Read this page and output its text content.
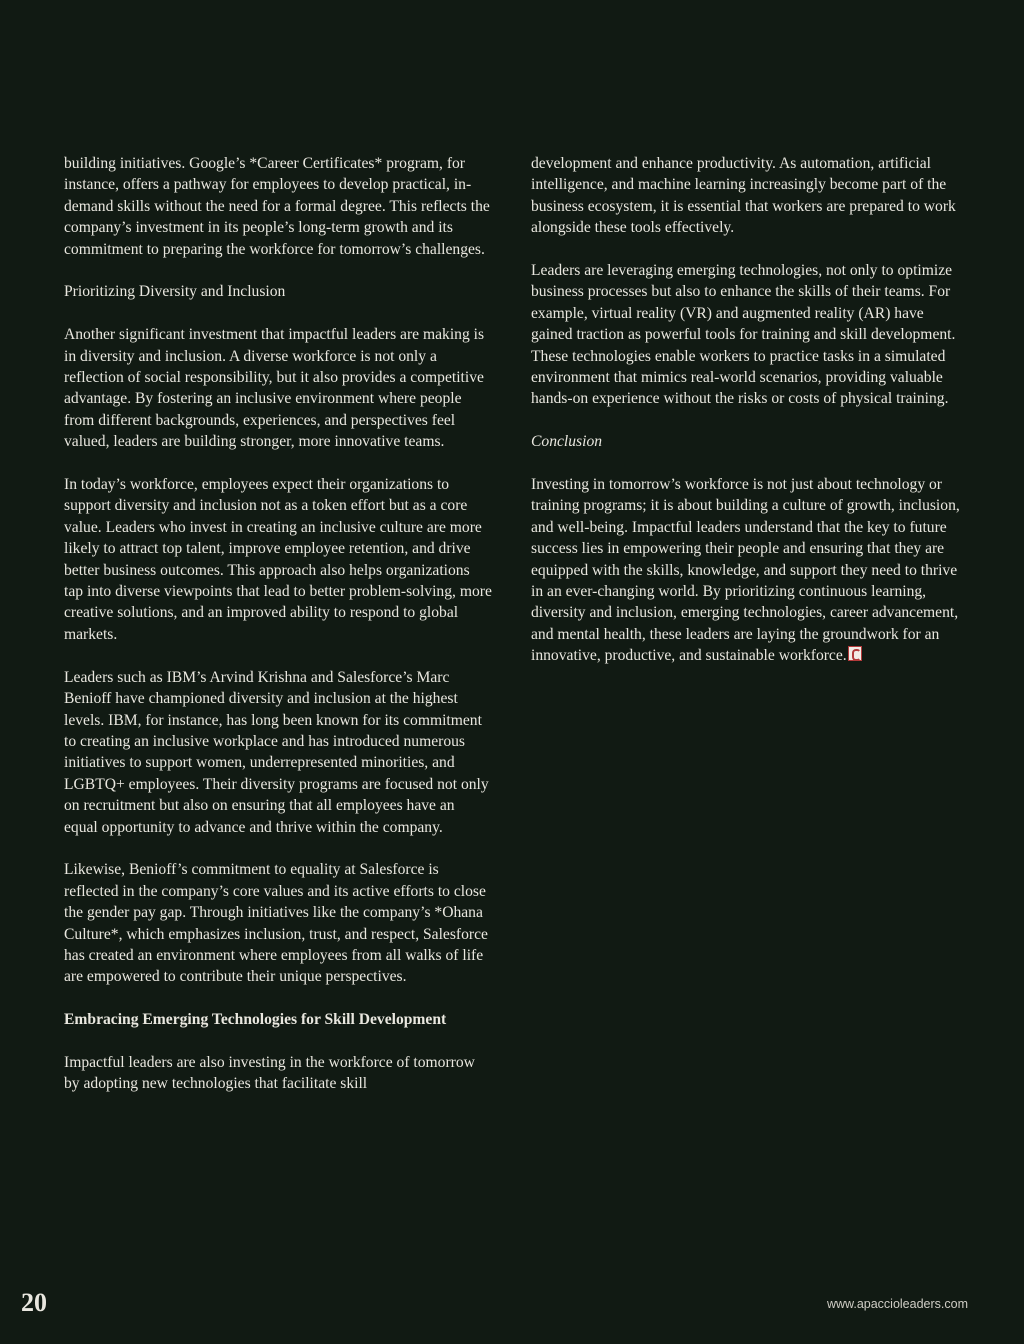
building initiatives. Google’s *Career Certificates* program, for instance, offers a pathway for employees to develop practical, in-demand skills without the need for a formal degree. This reflects the company’s investment in its people’s long-term growth and its commitment to preparing the workforce for tomorrow’s challenges.

Prioritizing Diversity and Inclusion

Another significant investment that impactful leaders are making is in diversity and inclusion. A diverse workforce is not only a reflection of social responsibility, but it also provides a competitive advantage. By fostering an inclusive environment where people from different backgrounds, experiences, and perspectives feel valued, leaders are building stronger, more innovative teams.

In today’s workforce, employees expect their organizations to support diversity and inclusion not as a token effort but as a core value. Leaders who invest in creating an inclusive culture are more likely to attract top talent, improve employee retention, and drive better business outcomes. This approach also helps organizations tap into diverse viewpoints that lead to better problem-solving, more creative solutions, and an improved ability to respond to global markets.

Leaders such as IBM’s Arvind Krishna and Salesforce’s Marc Benioff have championed diversity and inclusion at the highest levels. IBM, for instance, has long been known for its commitment to creating an inclusive workplace and has introduced numerous initiatives to support women, underrepresented minorities, and LGBTQ+ employees. Their diversity programs are focused not only on recruitment but also on ensuring that all employees have an equal opportunity to advance and thrive within the company.

Likewise, Benioff’s commitment to equality at Salesforce is reflected in the company’s core values and its active efforts to close the gender pay gap. Through initiatives like the company’s *Ohana Culture*, which emphasizes inclusion, trust, and respect, Salesforce has created an environment where employees from all walks of life are empowered to contribute their unique perspectives.

Embracing Emerging Technologies for Skill Development

Impactful leaders are also investing in the workforce of tomorrow by adopting new technologies that facilitate skill

development and enhance productivity. As automation, artificial intelligence, and machine learning increasingly become part of the business ecosystem, it is essential that workers are prepared to work alongside these tools effectively.

Leaders are leveraging emerging technologies, not only to optimize business processes but also to enhance the skills of their teams. For example, virtual reality (VR) and augmented reality (AR) have gained traction as powerful tools for training and skill development. These technologies enable workers to practice tasks in a simulated environment that mimics real-world scenarios, providing valuable hands-on experience without the risks or costs of physical training.

Conclusion

Investing in tomorrow’s workforce is not just about technology or training programs; it is about building a culture of growth, inclusion, and well-being. Impactful leaders understand that the key to future success lies in empowering their people and ensuring that they are equipped with the skills, knowledge, and support they need to thrive in an ever-changing world. By prioritizing continuous learning, diversity and inclusion, emerging technologies, career advancement, and mental health, these leaders are laying the groundwork for an innovative, productive, and sustainable workforce.

20	www.apaccioleaders.com
